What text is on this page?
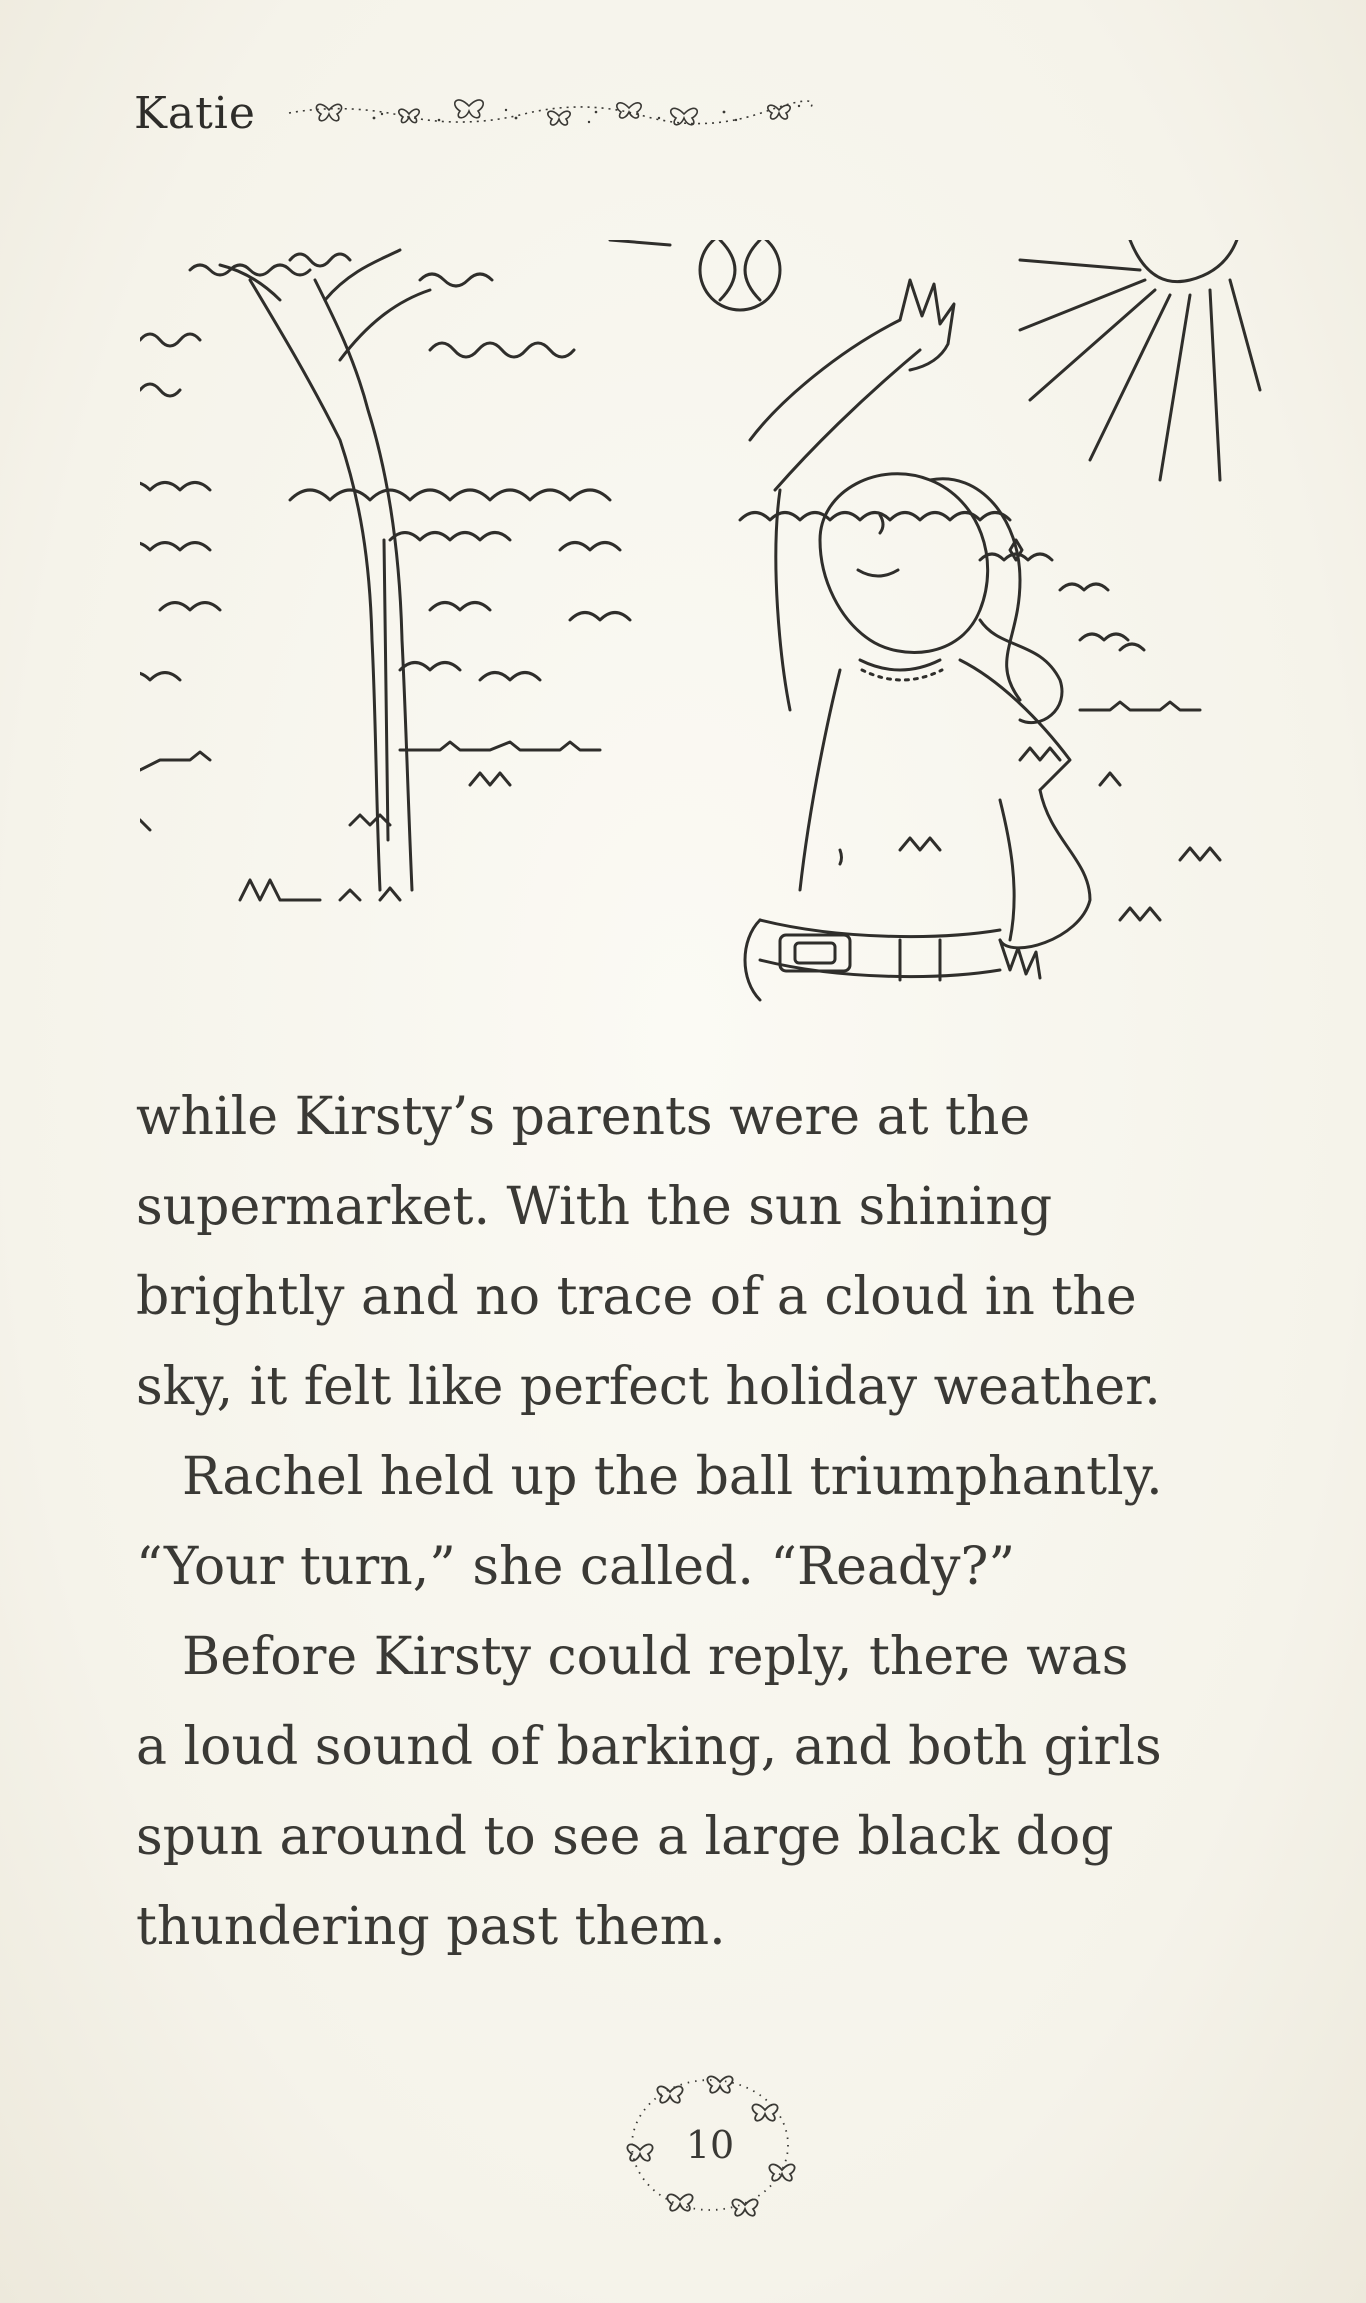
Katie

while Kirsty’s parents were at the
supermarket. With the sun shining
brightly and no trace of a cloud in the
sky, it felt like perfect holiday weather.

Rachel held up the ball triumphantly.
“Your turn,” she called. “Ready?”

Before Kirsty could reply, there was
a loud sound of barking, and both girls
spun around to see a large black dog
thundering past them.

10
